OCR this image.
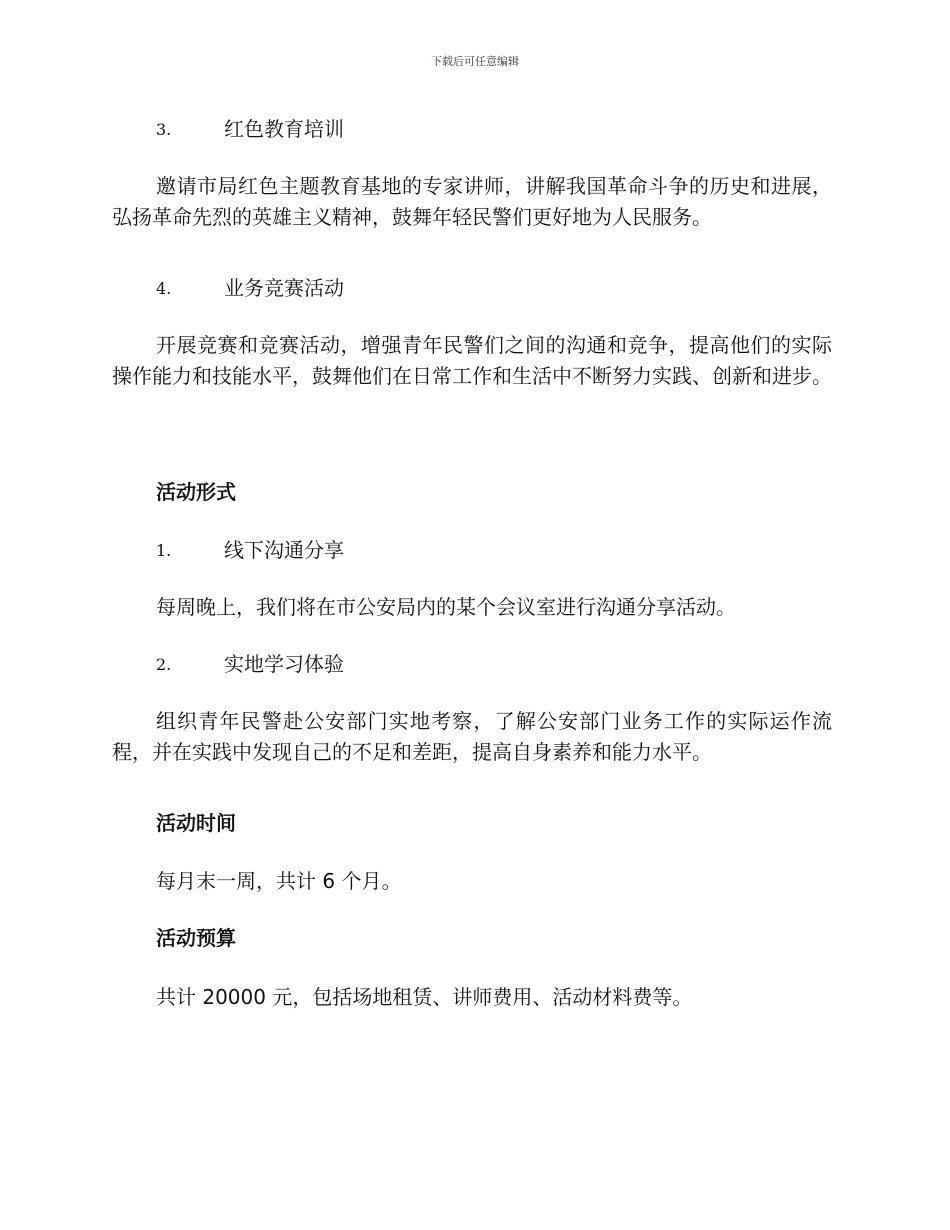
下载后可任意编辑
3.	红色教育培训
邀请市局红色主题教育基地的专家讲师，讲解我国革命斗争的历史和进展，弘扬革命先烈的英雄主义精神，鼓舞年轻民警们更好地为人民服务。
4.	业务竞赛活动
开展竞赛和竞赛活动，增强青年民警们之间的沟通和竞争，提高他们的实际操作能力和技能水平，鼓舞他们在日常工作和生活中不断努力实践、创新和进步。
活动形式
1.	线下沟通分享
每周晚上，我们将在市公安局内的某个会议室进行沟通分享活动。
2.	实地学习体验
组织青年民警赴公安部门实地考察，了解公安部门业务工作的实际运作流程，并在实践中发现自己的不足和差距，提高自身素养和能力水平。
活动时间
每月末一周，共计 6 个月。
活动预算
共计 20000 元，包括场地租赁、讲师费用、活动材料费等。
